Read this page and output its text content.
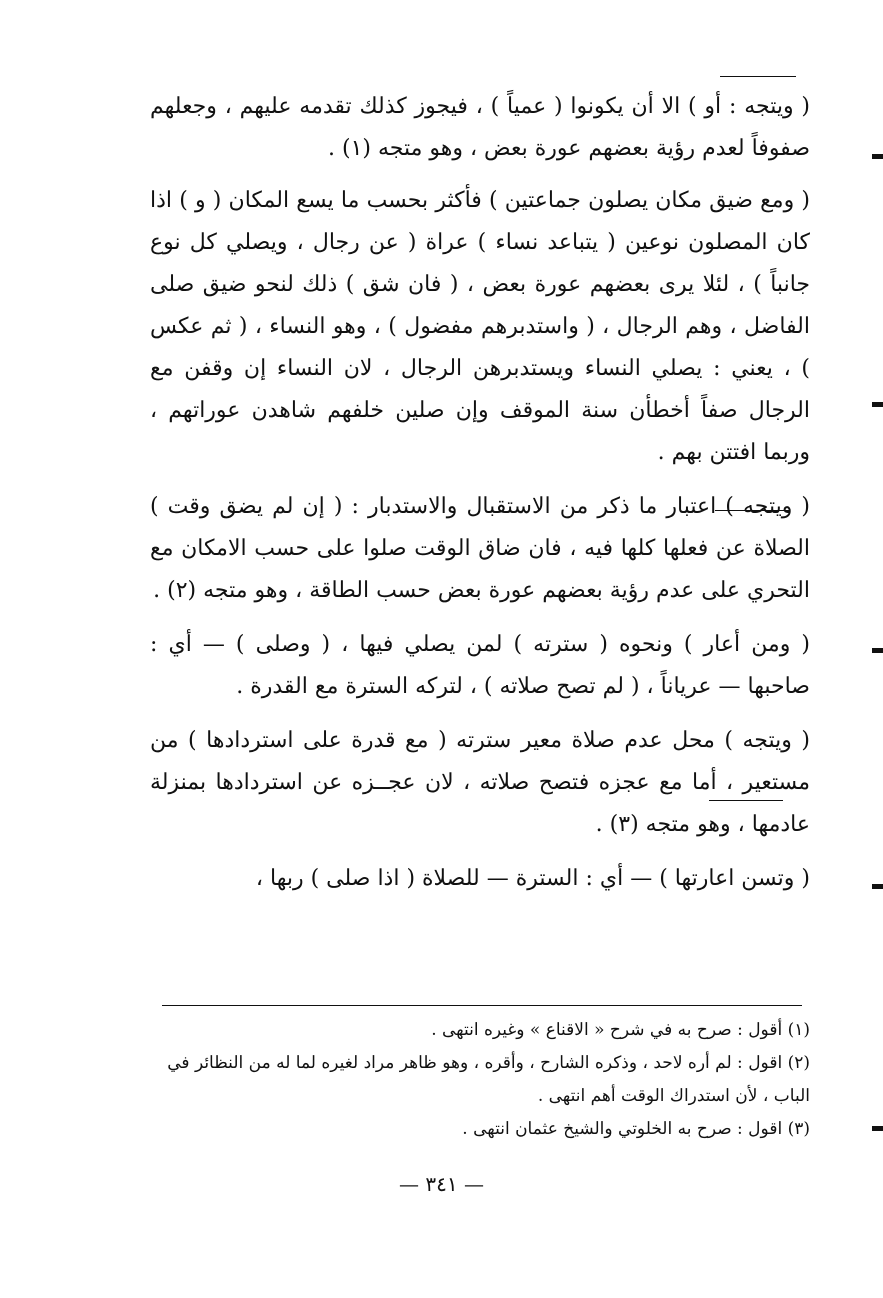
( ويتجه : أو ) الا أن يكونوا ( عمياً ) ، فيجوز كذلك تقدمه عليهم ، وجعلهم صفوفاً لعدم رؤية بعضهم عورة بعض ، وهو متجه (١) .

( ومع ضيق مكان يصلون جماعتين ) فأكثر بحسب ما يسع المكان ( و ) اذا كان المصلون نوعين ( يتباعد نساء ) عراة ( عن رجال ، ويصلي كل نوع جانباً ) ، لئلا يرى بعضهم عورة بعض ، ( فان شق ) ذلك لنحو ضيق صلى الفاضل ، وهم الرجال ، ( واستدبرهم مفضول ) ، وهو النساء ، ( ثم عكس ) ، يعني : يصلي النساء ويستدبرهن الرجال ، لان النساء إن وقفن مع الرجال صفاً أخطأن سنة الموقف وإن صلين خلفهم شاهدن عوراتهم ، وربما افتتن بهم .

( ويتجه ) اعتبار ما ذكر من الاستقبال والاستدبار : ( إن لم يضق وقت ) الصلاة عن فعلها كلها فيه ، فان ضاق الوقت صلوا على حسب الامكان مع التحري على عدم رؤية بعضهم عورة بعض حسب الطاقة ، وهو متجه (٢) .

( ومن أعار ) ونحوه ( سترته ) لمن يصلي فيها ، ( وصلى ) — أي : صاحبها — عرياناً ، ( لم تصح صلاته ) ، لتركه السترة مع القدرة .

( ويتجه ) محل عدم صلاة معير سترته ( مع قدرة على استردادها ) من مستعير ، أما مع عجزه فتصح صلاته ، لان عجــزه عن استردادها بمنزلة عادمها ، وهو متجه (٣) .

( وتسن اعارتها ) — أي : السترة — للصلاة ( اذا صلى ) ربها ،

(١) أقول : صرح به في شرح « الاقناع » وغيره انتهى .

(٢) اقول : لم أره لاحد ، وذكره الشارح ، وأقره ، وهو ظاهر مراد لغيره لما له من النظائر في الباب ، لأن استدراك الوقت أهم انتهى .

(٣) اقول : صرح به الخلوتي والشيخ عثمان انتهى .

— ٣٤١ —
